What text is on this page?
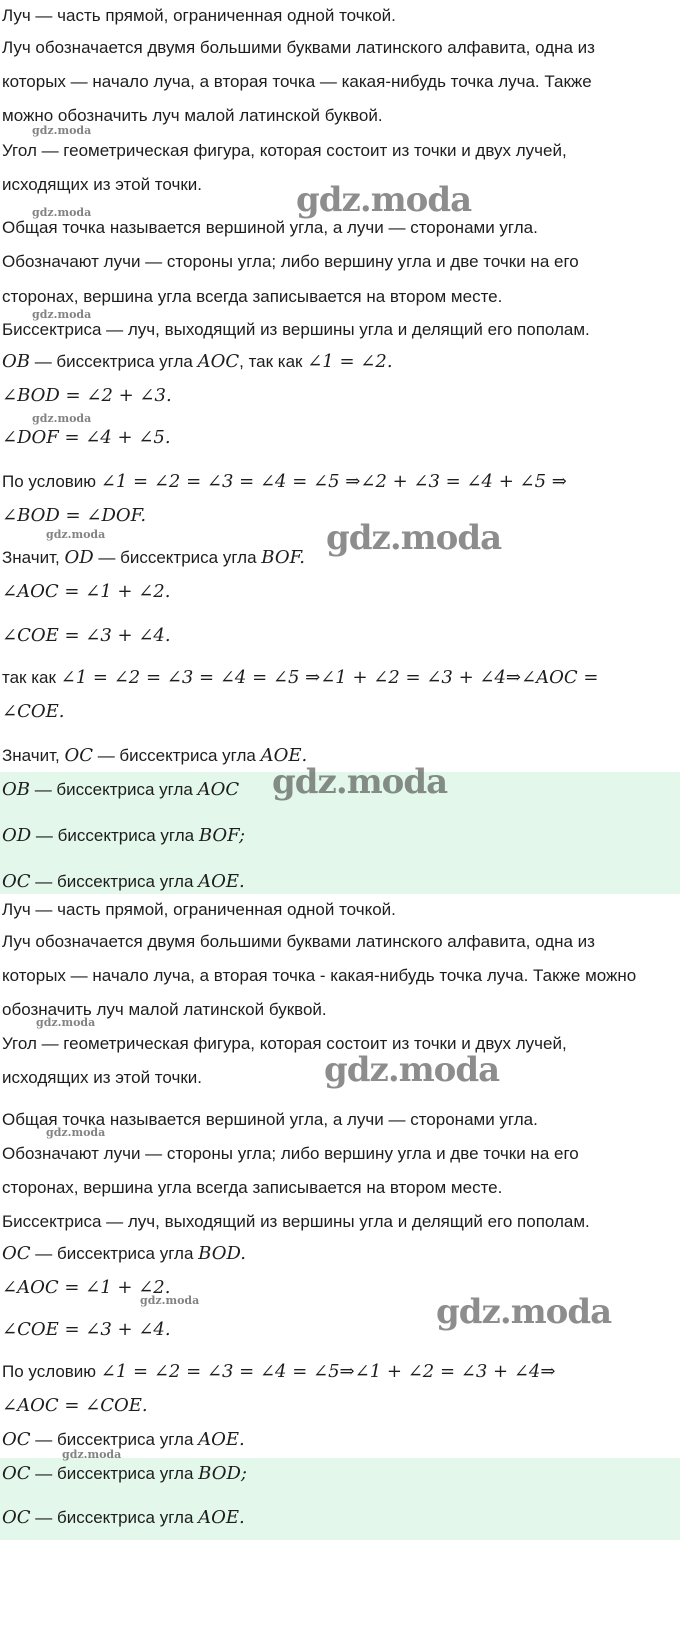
Луч — часть прямой, ограниченная одной точкой.
Луч обозначается двумя большими буквами латинского алфавита, одна из
которых — начало луча, а вторая точка — какая-нибудь точка луча. Также
можно обозначить луч малой латинской буквой.
Угол — геометрическая фигура, которая состоит из точки и двух лучей,
исходящих из этой точки.
Общая точка называется вершиной угла, а лучи — сторонами угла.
Обозначают лучи — стороны угла; либо вершину угла и две точки на его
сторонах, вершина угла всегда записывается на втором месте.
Биссектриса — луч, выходящий из вершины угла и делящий его пополам.
OB — биссектриса угла AOC, так как ∠1 = ∠2.
∠BOD = ∠2 + ∠3.
∠DOF = ∠4 + ∠5.
По условию ∠1 = ∠2 = ∠3 = ∠4 = ∠5 ⇒∠2 + ∠3 = ∠4 + ∠5 ⇒
∠BOD = ∠DOF.
Значит, OD — биссектриса угла BOF.
∠AOC = ∠1 + ∠2.
∠COE = ∠3 + ∠4.
так как ∠1 = ∠2 = ∠3 = ∠4 = ∠5 ⇒∠1 + ∠2 = ∠3 + ∠4⇒∠AOC =
∠COE.
Значит, OC — биссектриса угла AOE.
OB — биссектриса угла AOC
OD — биссектриса угла BOF;
OC — биссектриса угла AOE.
Луч — часть прямой, ограниченная одной точкой.
Луч обозначается двумя большими буквами латинского алфавита, одна из
которых — начало луча, а вторая точка - какая-нибудь точка луча. Также можно
обозначить луч малой латинской буквой.
Угол — геометрическая фигура, которая состоит из точки и двух лучей,
исходящих из этой точки.
Общая точка называется вершиной угла, а лучи — сторонами угла.
Обозначают лучи — стороны угла; либо вершину угла и две точки на его
сторонах, вершина угла всегда записывается на втором месте.
Биссектриса — луч, выходящий из вершины угла и делящий его пополам.
OC — биссектриса угла BOD.
∠AOC = ∠1 + ∠2.
∠COE = ∠3 + ∠4.
По условию ∠1 = ∠2 = ∠3 = ∠4 = ∠5⇒∠1 + ∠2 = ∠3 + ∠4⇒
∠AOC = ∠COE.
OC — биссектриса угла AOE.
OC — биссектриса угла BOD;
OC — биссектриса угла AOE.
gdz.moda
gdz.moda
gdz.moda
gdz.moda
gdz.moda
gdz.moda	gdz.moda
gdz.moda
gdz.moda
gdz.moda
gdz.moda
gdz.moda	gdz.moda
gdz.moda
